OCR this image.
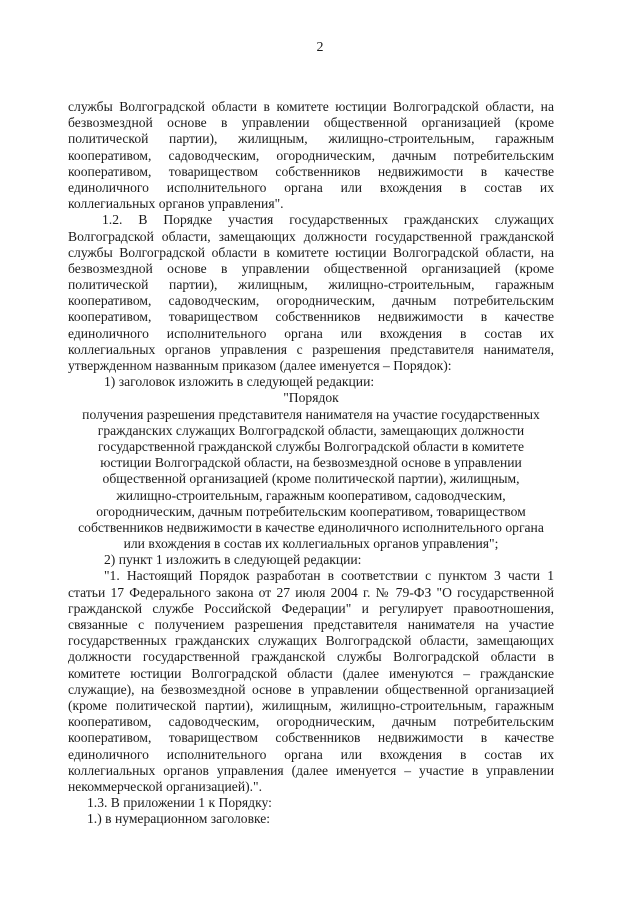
2
службы Волгоградской области в комитете юстиции Волгоградской области, на
безвозмездной основе в управлении общественной организацией (кроме
политической партии), жилищным, жилищно-строительным, гаражным
кооперативом, садоводческим, огородническим, дачным потребительским
кооперативом, товариществом собственников недвижимости в качестве
единоличного исполнительного органа или вхождения в состав их
коллегиальных органов управления".
1.2. В Порядке участия государственных гражданских служащих
Волгоградской области, замещающих должности государственной гражданской
службы Волгоградской области в комитете юстиции Волгоградской области, на
безвозмездной основе в управлении общественной организацией (кроме
политической партии), жилищным, жилищно-строительным, гаражным
кооперативом, садоводческим, огородническим, дачным потребительским
кооперативом, товариществом собственников недвижимости в качестве
единоличного исполнительного органа или вхождения в состав их
коллегиальных органов управления с разрешения представителя нанимателя,
утвержденном названным приказом (далее именуется – Порядок):
1) заголовок изложить в следующей редакции:
"Порядок
получения разрешения представителя нанимателя на участие государственных
гражданских служащих Волгоградской области, замещающих должности
государственной гражданской службы Волгоградской области в комитете
юстиции Волгоградской области, на безвозмездной основе в управлении
общественной организацией (кроме политической партии), жилищным,
жилищно-строительным, гаражным кооперативом, садоводческим,
огородническим, дачным потребительским кооперативом, товариществом
собственников недвижимости в качестве единоличного исполнительного органа
или вхождения в состав их коллегиальных органов управления";
2) пункт 1 изложить в следующей редакции:
"1. Настоящий Порядок разработан в соответствии с пунктом 3 части 1
статьи 17 Федерального закона от 27 июля 2004 г. № 79-ФЗ "О государственной
гражданской службе Российской Федерации" и регулирует правоотношения,
связанные с получением разрешения представителя нанимателя на участие
государственных гражданских служащих Волгоградской области, замещающих
должности государственной гражданской службы Волгоградской области в
комитете юстиции Волгоградской области (далее именуются – гражданские
служащие), на безвозмездной основе в управлении общественной организацией
(кроме политической партии), жилищным, жилищно-строительным, гаражным
кооперативом, садоводческим, огородническим, дачным потребительским
кооперативом, товариществом собственников недвижимости в качестве
единоличного исполнительного органа или вхождения в состав их
коллегиальных органов управления (далее именуется – участие в управлении
некоммерческой организацией).".
1.3. В приложении 1 к Порядку:
1.) в нумерационном заголовке:
